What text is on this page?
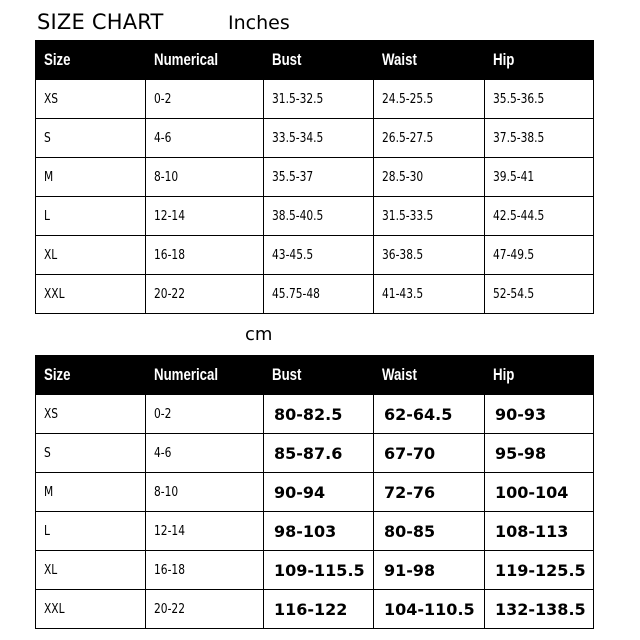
SIZE CHART	Inches
Size	Numerical	Bust	Waist	Hip
XS	0-2	31.5-32.5	24.5-25.5	35.5-36.5
S	4-6	33.5-34.5	26.5-27.5	37.5-38.5
M	8-10	35.5-37	28.5-30	39.5-41
L	12-14	38.5-40.5	31.5-33.5	42.5-44.5
XL	16-18	43-45.5	36-38.5	47-49.5
XXL	20-22	45.75-48	41-43.5	52-54.5
cm
Size	Numerical	Bust	Waist	Hip
XS	0-2	80-82.5	62-64.5	90-93
S	4-6	85-87.6	67-70	95-98
M	8-10	90-94	72-76	100-104
L	12-14	98-103	80-85	108-113
XL	16-18	109-115.5	91-98	119-125.5
XXL	20-22	116-122	104-110.5	132-138.5
